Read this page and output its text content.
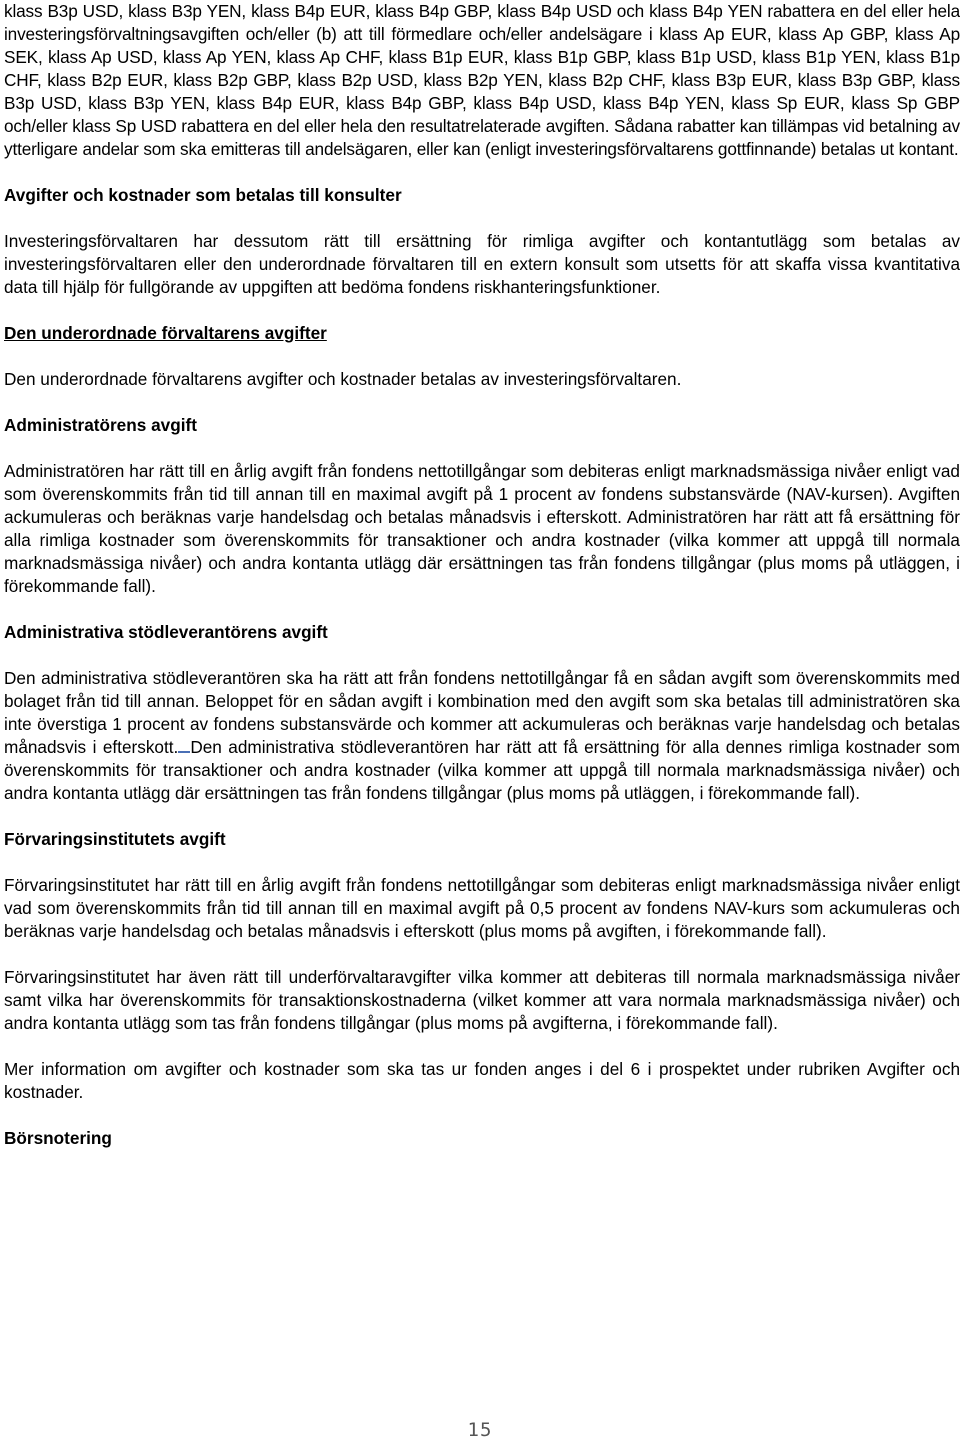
klass B3p USD, klass B3p YEN, klass B4p EUR, klass B4p GBP, klass B4p USD och klass B4p YEN rabattera en del eller hela investeringsförvaltningsavgiften och/eller (b) att till förmedlare och/eller andelsägare i klass Ap EUR, klass Ap GBP, klass Ap SEK, klass Ap USD, klass Ap YEN, klass Ap CHF, klass B1p EUR, klass B1p GBP, klass B1p USD, klass B1p YEN, klass B1p CHF, klass B2p EUR, klass B2p GBP, klass B2p USD, klass B2p YEN, klass B2p CHF, klass B3p EUR, klass B3p GBP, klass B3p USD, klass B3p YEN, klass B4p EUR, klass B4p GBP, klass B4p USD, klass B4p YEN, klass Sp EUR, klass Sp GBP och/eller klass Sp USD rabattera en del eller hela den resultatrelaterade avgiften. Sådana rabatter kan tillämpas vid betalning av ytterligare andelar som ska emitteras till andelsägaren, eller kan (enligt investeringsförvaltarens gottfinnande) betalas ut kontant.

Avgifter och kostnader som betalas till konsulter

Investeringsförvaltaren har dessutom rätt till ersättning för rimliga avgifter och kontantutlägg som betalas av investeringsförvaltaren eller den underordnade förvaltaren till en extern konsult som utsetts för att skaffa vissa kvantitativa data till hjälp för fullgörande av uppgiften att bedöma fondens riskhanteringsfunktioner.

Den underordnade förvaltarens avgifter

Den underordnade förvaltarens avgifter och kostnader betalas av investeringsförvaltaren.

Administratörens avgift

Administratören har rätt till en årlig avgift från fondens nettotillgångar som debiteras enligt marknadsmässiga nivåer enligt vad som överenskommits från tid till annan till en maximal avgift på 1 procent av fondens substansvärde (NAV-kursen). Avgiften ackumuleras och beräknas varje handelsdag och betalas månadsvis i efterskott. Administratören har rätt att få ersättning för alla rimliga kostnader som överenskommits för transaktioner och andra kostnader (vilka kommer att uppgå till normala marknadsmässiga nivåer) och andra kontanta utlägg där ersättningen tas från fondens tillgångar (plus moms på utläggen, i förekommande fall).

Administrativa stödleverantörens avgift

Den administrativa stödleverantören ska ha rätt att från fondens nettotillgångar få en sådan avgift som överenskommits med bolaget från tid till annan. Beloppet för en sådan avgift i kombination med den avgift som ska betalas till administratören ska inte överstiga 1 procent av fondens substansvärde och kommer att ackumuleras och beräknas varje handelsdag och betalas månadsvis i efterskott. Den administrativa stödleverantören har rätt att få ersättning för alla dennes rimliga kostnader som överenskommits för transaktioner och andra kostnader (vilka kommer att uppgå till normala marknadsmässiga nivåer) och andra kontanta utlägg där ersättningen tas från fondens tillgångar (plus moms på utläggen, i förekommande fall).

Förvaringsinstitutets avgift

Förvaringsinstitutet har rätt till en årlig avgift från fondens nettotillgångar som debiteras enligt marknadsmässiga nivåer enligt vad som överenskommits från tid till annan till en maximal avgift på 0,5 procent av fondens NAV-kurs som ackumuleras och beräknas varje handelsdag och betalas månadsvis i efterskott (plus moms på avgiften, i förekommande fall).

Förvaringsinstitutet har även rätt till underförvaltaravgifter vilka kommer att debiteras till normala marknadsmässiga nivåer samt vilka har överenskommits för transaktionskostnaderna (vilket kommer att vara normala marknadsmässiga nivåer) och andra kontanta utlägg som tas från fondens tillgångar (plus moms på avgifterna, i förekommande fall).

Mer information om avgifter och kostnader som ska tas ur fonden anges i del 6 i prospektet under rubriken Avgifter och kostnader.

Börsnotering

15
